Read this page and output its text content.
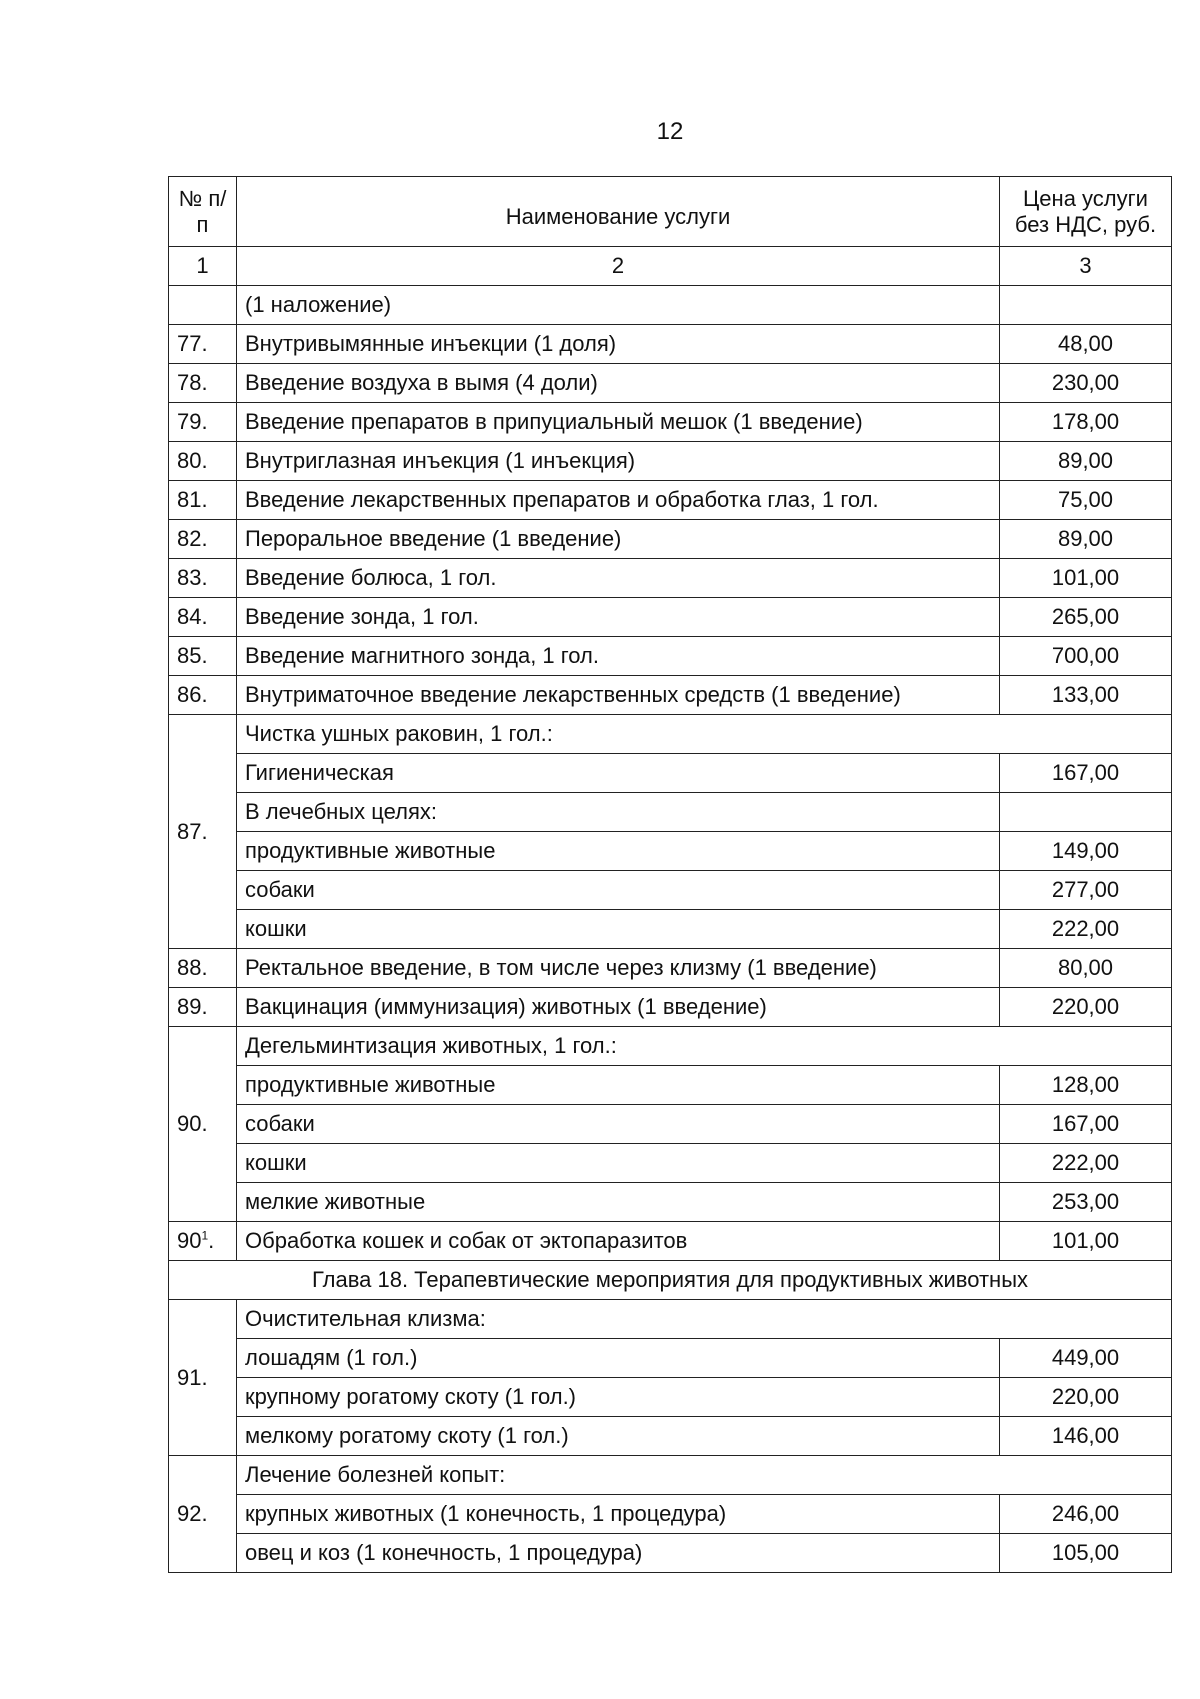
12
№ п/п	Наименование услуги	Цена услуги без НДС, руб.
1	2	3
	(1 наложение)	
77.	Внутривымянные инъекции (1 доля)	48,00
78.	Введение воздуха в вымя (4 доли)	230,00
79.	Введение препаратов в припуциальный мешок (1 введение)	178,00
80.	Внутриглазная инъекция (1 инъекция)	89,00
81.	Введение лекарственных препаратов и обработка глаз, 1 гол.	75,00
82.	Пероральное введение (1 введение)	89,00
83.	Введение болюса, 1 гол.	101,00
84.	Введение зонда, 1 гол.	265,00
85.	Введение магнитного зонда, 1 гол.	700,00
86.	Внутриматочное введение лекарственных средств (1 введение)	133,00
87.	Чистка ушных раковин, 1 гол.:	
	Гигиеническая	167,00
	В лечебных целях:	
	продуктивные животные	149,00
	собаки	277,00
	кошки	222,00
88.	Ректальное введение, в том числе через клизму (1 введение)	80,00
89.	Вакцинация (иммунизация) животных (1 введение)	220,00
90.	Дегельминтизация животных, 1 гол.:	
	продуктивные животные	128,00
	собаки	167,00
	кошки	222,00
	мелкие животные	253,00
$90^1$.	Обработка кошек и собак от эктопаразитов	101,00
Глава 18. Терапевтические мероприятия для продуктивных животных		
91.	Очистительная клизма:	
	лошадям (1 гол.)	449,00
	крупному рогатому скоту (1 гол.)	220,00
	мелкому рогатому скоту (1 гол.)	146,00
92.	Лечение болезней копыт:	
	крупных животных (1 конечность, 1 процедура)	246,00
	овец и коз (1 конечность, 1 процедура)	105,00
